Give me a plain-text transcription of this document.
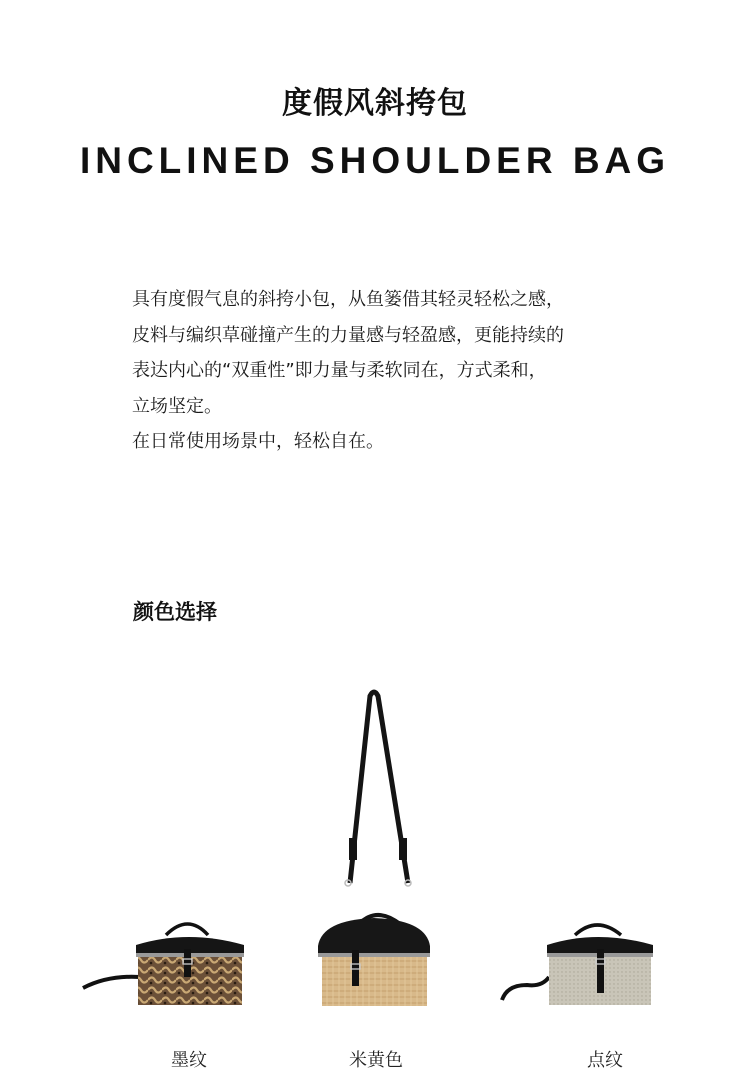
度假风斜挎包
INCLINED SHOULDER BAG
具有度假气息的斜挎小包，从鱼篓借其轻灵轻松之感，
皮料与编织草碰撞产生的力量感与轻盈感，更能持续的
表达内心的“双重性”即力量与柔软同在，方式柔和，
立场坚定。
在日常使用场景中，轻松自在。
颜色选择
墨纹	米黄色	点纹
